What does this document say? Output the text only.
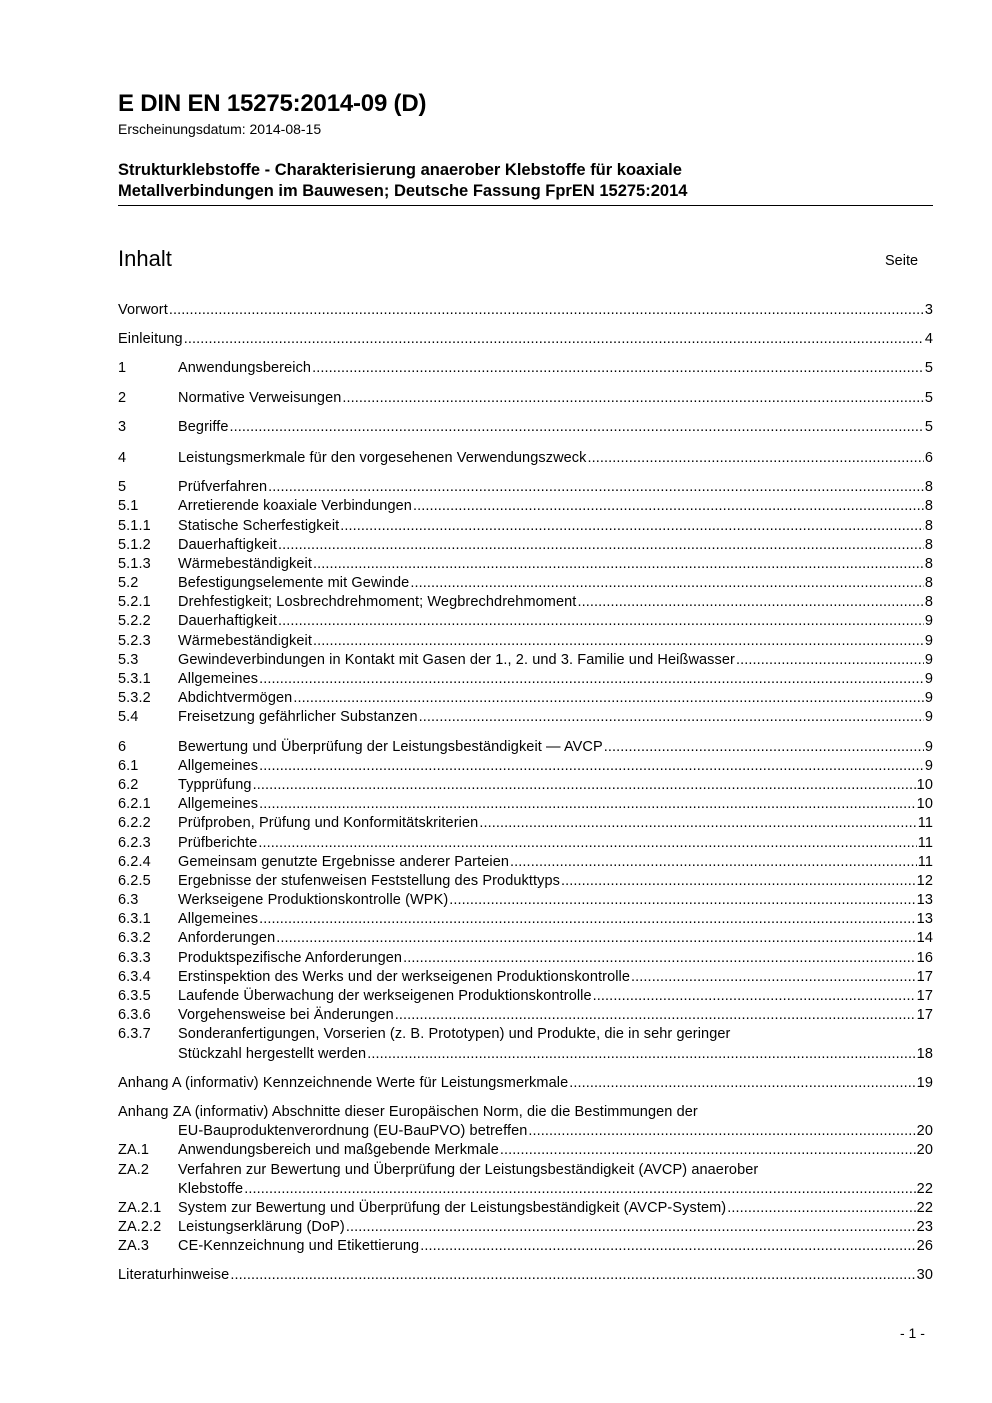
E DIN EN 15275:2014-09 (D)
Erscheinungsdatum: 2014-08-15
Strukturklebstoffe - Charakterisierung anaerober Klebstoffe für koaxiale
Metallverbindungen im Bauwesen; Deutsche Fassung FprEN 15275:2014
Inhalt	Seite
Vorwort .....	3
Einleitung .....	4
1	Anwendungsbereich .....	5
2	Normative Verweisungen .....	5
3	Begriffe .....	5
4	Leistungsmerkmale für den vorgesehenen Verwendungszweck .....	6
5	Prüfverfahren .....	8
5.1	Arretierende koaxiale Verbindungen .....	8
5.1.1	Statische Scherfestigkeit .....	8
5.1.2	Dauerhaftigkeit .....	8
5.1.3	Wärmebeständigkeit .....	8
5.2	Befestigungselemente mit Gewinde .....	8
5.2.1	Drehfestigkeit; Losbrechdrehmoment; Wegbrechdrehmoment .....	8
5.2.2	Dauerhaftigkeit .....	9
5.2.3	Wärmebeständigkeit .....	9
5.3	Gewindeverbindungen in Kontakt mit Gasen der 1., 2. und 3. Familie und Heißwasser .....	9
5.3.1	Allgemeines .....	9
5.3.2	Abdichtvermögen .....	9
5.4	Freisetzung gefährlicher Substanzen .....	9
6	Bewertung und Überprüfung der Leistungsbeständigkeit — AVCP .....	9
6.1	Allgemeines .....	9
6.2	Typprüfung .....	10
6.2.1	Allgemeines .....	10
6.2.2	Prüfproben, Prüfung und Konformitätskriterien .....	11
6.2.3	Prüfberichte .....	11
6.2.4	Gemeinsam genutzte Ergebnisse anderer Parteien .....	11
6.2.5	Ergebnisse der stufenweisen Feststellung des Produkttyps .....	12
6.3	Werkseigene Produktionskontrolle (WPK) .....	13
6.3.1	Allgemeines .....	13
6.3.2	Anforderungen .....	14
6.3.3	Produktspezifische Anforderungen .....	16
6.3.4	Erstinspektion des Werks und der werkseigenen Produktionskontrolle .....	17
6.3.5	Laufende Überwachung der werkseigenen Produktionskontrolle .....	17
6.3.6	Vorgehensweise bei Änderungen .....	17
6.3.7	Sonderanfertigungen, Vorserien (z. B. Prototypen) und Produkte, die in sehr geringer
Stückzahl hergestellt werden .....	18
Anhang A (informativ) Kennzeichnende Werte für Leistungsmerkmale .....	19
Anhang ZA (informativ) Abschnitte dieser Europäischen Norm, die die Bestimmungen der
EU-Bauproduktenverordnung (EU-BauPVO) betreffen .....	20
ZA.1	Anwendungsbereich und maßgebende Merkmale .....	20
ZA.2	Verfahren zur Bewertung und Überprüfung der Leistungsbeständigkeit (AVCP) anaerober
Klebstoffe .....	22
ZA.2.1	System zur Bewertung und Überprüfung der Leistungsbeständigkeit (AVCP-System) .....	22
ZA.2.2	Leistungserklärung (DoP) .....	23
ZA.3	CE-Kennzeichnung und Etikettierung .....	26
Literaturhinweise .....	30
- 1 -
